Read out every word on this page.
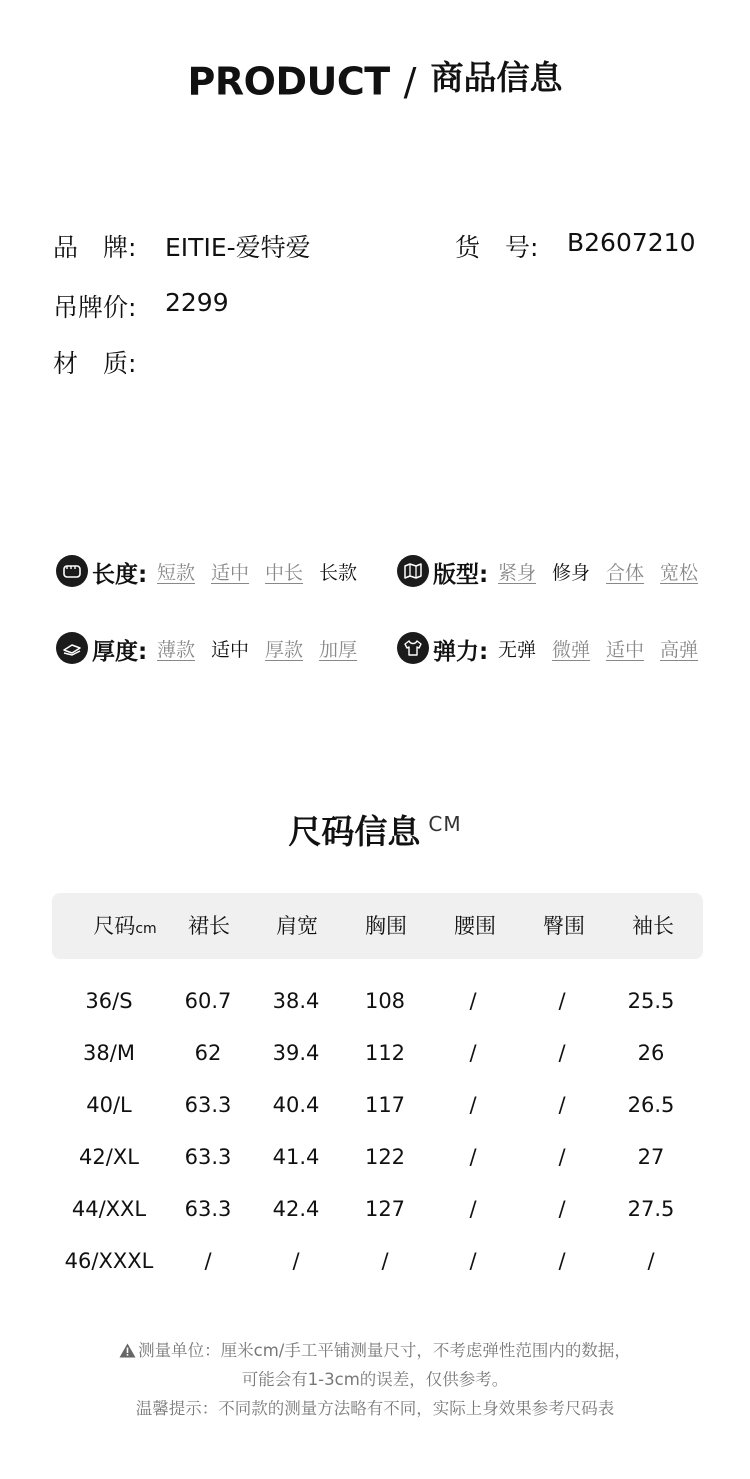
PRODUCT / 商品信息
品　牌: EITIE-爱特爱	货　号: B2607210
吊牌价: 2299
材　质:
长度: 短款 适中 中长 长款	版型: 紧身 修身 合体 宽松
厚度: 薄款 适中 厚款 加厚	弹力: 无弹 微弹 适中 高弹
尺码信息 CM
尺码cm	裙长	肩宽	胸围	腰围	臀围	袖长
36/S	60.7	38.4	108	/	/	25.5
38/M	62	39.4	112	/	/	26
40/L	63.3	40.4	117	/	/	26.5
42/XL	63.3	41.4	122	/	/	27
44/XXL	63.3	42.4	127	/	/	27.5
46/XXXL	/	/	/	/	/	/
测量单位：厘米cm/手工平铺测量尺寸，不考虑弹性范围内的数据，
可能会有1-3cm的误差，仅供参考。
温馨提示：不同款的测量方法略有不同，实际上身效果参考尺码表
